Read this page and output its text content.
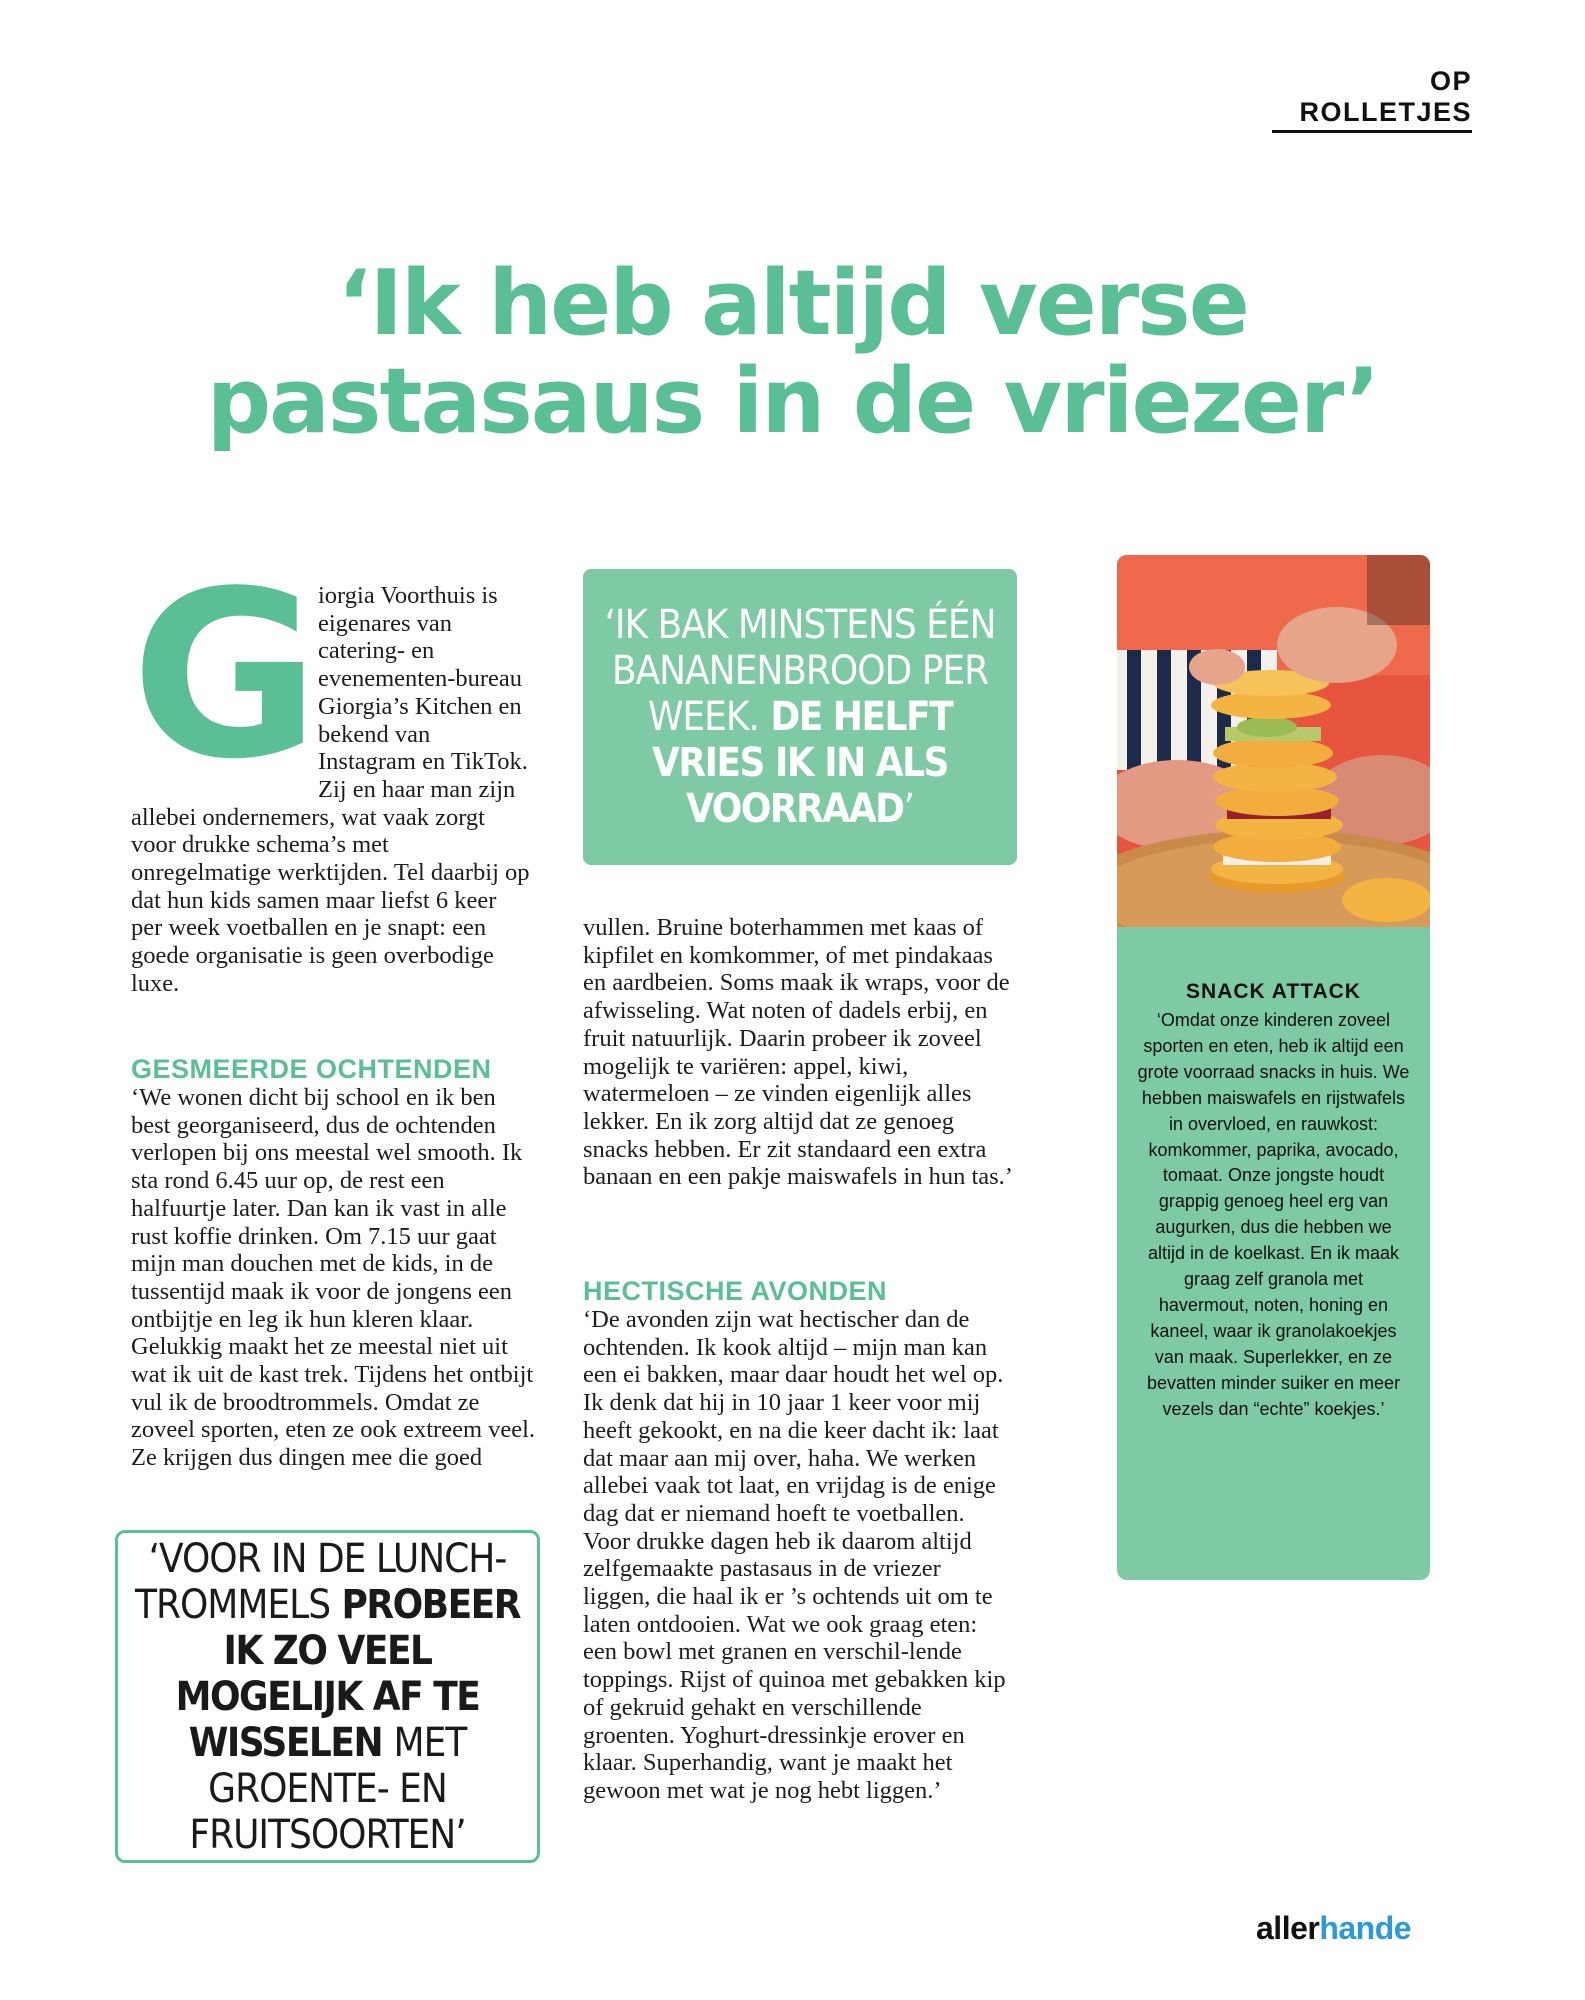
OP ROLLETJES
‘Ik heb altijd verse
pastasaus in de vriezer’
G

iorgia Voorthuis is eigenares van catering- en evenementen-bureau Giorgia’s Kitchen en bekend van Instagram en TikTok. Zij en haar man zijn allebei ondernemers, wat vaak zorgt voor drukke schema’s met onregelmatige werktijden. Tel daarbij op dat hun kids samen maar liefst 6 keer per week voetballen en je snapt: een goede organisatie is geen overbodige luxe.

GESMEERDE OCHTENDEN

‘We wonen dicht bij school en ik ben best georganiseerd, dus de ochtenden verlopen bij ons meestal wel smooth. Ik sta rond 6.45 uur op, de rest een halfuurtje later. Dan kan ik vast in alle rust koffie drinken. Om 7.15 uur gaat mijn man douchen met de kids, in de tussentijd maak ik voor de jongens een ontbijtje en leg ik hun kleren klaar. Gelukkig maakt het ze meestal niet uit wat ik uit de kast trek. Tijdens het ontbijt vul ik de broodtrommels. Omdat ze zoveel sporten, eten ze ook extreem veel. Ze krijgen dus dingen mee die goed

‘VOOR IN DE LUNCH-TROMMELS PROBEER IK ZO VEEL MOGELIJK AF TE WISSELEN MET GROENTE- EN FRUITSOORTEN’
‘IK BAK MINSTENS ÉÉN BANANENBROOD PER WEEK. DE HELFT VRIES IK IN ALS VOORRAAD’

vullen. Bruine boterhammen met kaas of kipfilet en komkommer, of met pindakaas en aardbeien. Soms maak ik wraps, voor de afwisseling. Wat noten of dadels erbij, en fruit natuurlijk. Daarin probeer ik zoveel mogelijk te variëren: appel, kiwi, watermeloen – ze vinden eigenlijk alles lekker. En ik zorg altijd dat ze genoeg snacks hebben. Er zit standaard een extra banaan en een pakje maiswafels in hun tas.’

HECTISCHE AVONDEN

‘De avonden zijn wat hectischer dan de ochtenden. Ik kook altijd – mijn man kan een ei bakken, maar daar houdt het wel op. Ik denk dat hij in 10 jaar 1 keer voor mij heeft gekookt, en na die keer dacht ik: laat dat maar aan mij over, haha. We werken allebei vaak tot laat, en vrijdag is de enige dag dat er niemand hoeft te voetballen. Voor drukke dagen heb ik daarom altijd zelfgemaakte pastasaus in de vriezer liggen, die haal ik er ’s ochtends uit om te laten ontdooien. Wat we ook graag eten: een bowl met granen en verschil-lende toppings. Rijst of quinoa met gebakken kip of gekruid gehakt en verschillende groenten. Yoghurt-dressinkje erover en klaar. Superhandig, want je maakt het gewoon met wat je nog hebt liggen.’

SNACK ATTACK
‘Omdat onze kinderen zoveel sporten en eten, heb ik altijd een grote voorraad snacks in huis. We hebben maiswafels en rijstwafels in overvloed, en rauwkost: komkommer, paprika, avocado, tomaat. Onze jongste houdt grappig genoeg heel erg van augurken, dus die hebben we altijd in de koelkast. En ik maak graag zelf granola met havermout, noten, honing en kaneel, waar ik granolakoekjes van maak. Superlekker, en ze bevatten minder suiker en meer vezels dan “echte” koekjes.’
allerhande
